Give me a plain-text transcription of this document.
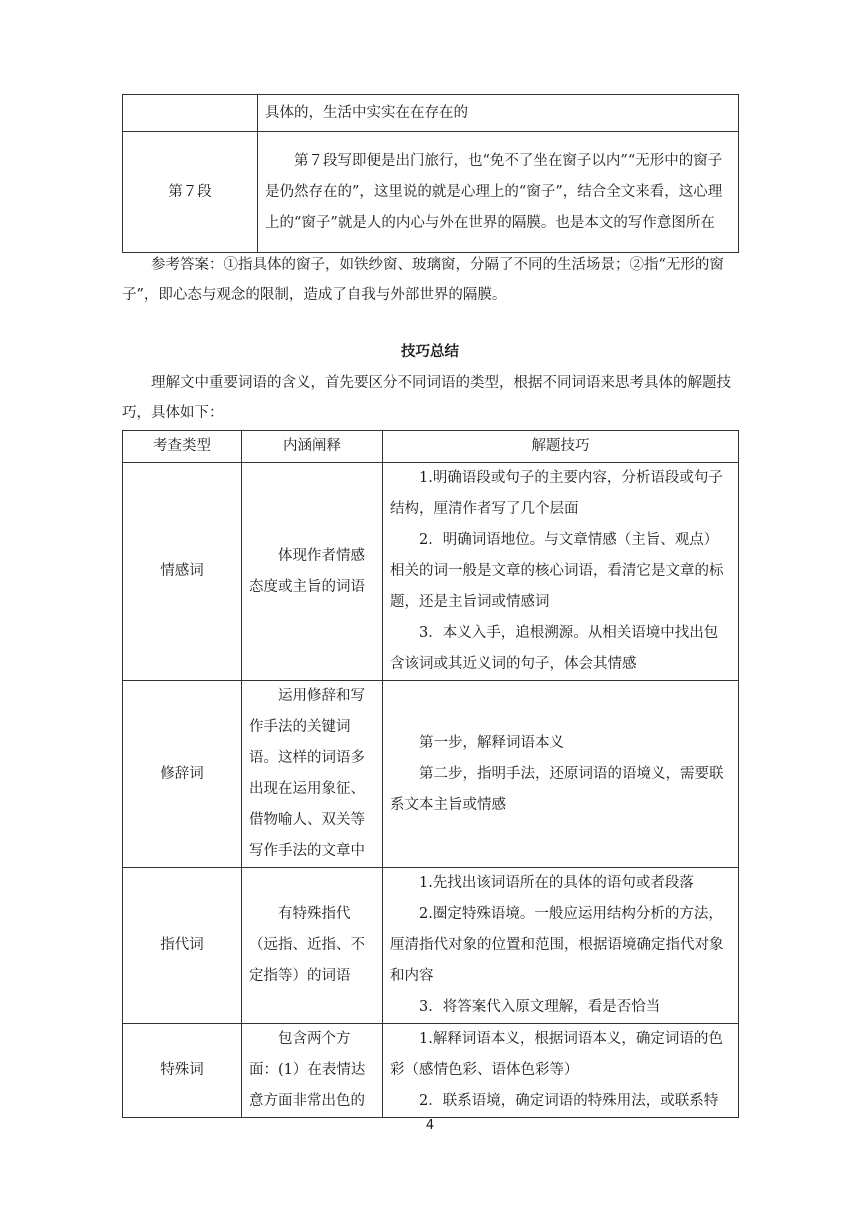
	具体的，生活中实实在在存在的
第７段	第７段写即便是出门旅行，也“免不了坐在窗子以内”“无形中的窗子是仍然存在的”，这里说的就是心理上的“窗子”，结合全文来看，这心理上的“窗子”就是人的内心与外在世界的隔膜。也是本文的写作意图所在

参考答案：①指具体的窗子，如铁纱窗、玻璃窗，分隔了不同的生活场景；②指“无形的窗子”，即心态与观念的限制，造成了自我与外部世界的隔膜。

技巧总结

理解文中重要词语的含义，首先要区分不同词语的类型，根据不同词语来思考具体的解题技巧，具体如下：

考查类型	内涵阐释	解题技巧
情感词	体现作者情感态度或主旨的词语	1.明确语段或句子的主要内容，分析语段或句子结构，厘清作者写了几个层面
2．明确词语地位。与文章情感（主旨、观点）相关的词一般是文章的核心词语，看清它是文章的标题，还是主旨词或情感词
3．本义入手，追根溯源。从相关语境中找出包含该词或其近义词的句子，体会其情感

修辞词	运用修辞和写作手法的关键词语。这样的词语多出现在运用象征、借物喻人、双关等写作手法的文章中	第一步，解释词语本义
第二步，指明手法，还原词语的语境义，需要联系文本主旨或情感

指代词	有特殊指代（远指、近指、不定指等）的词语	1.先找出该词语所在的具体的语句或者段落
2.圈定特殊语境。一般应运用结构分析的方法，厘清指代对象的位置和范围，根据语境确定指代对象和内容
3．将答案代入原文理解，看是否恰当

特殊词	包含两个方面：(1）在表情达意方面非常出色的	1.解释词语本义，根据词语本义，确定词语的色彩（感情色彩、语体色彩等）
2．联系语境，确定词语的特殊用法，或联系特
4
